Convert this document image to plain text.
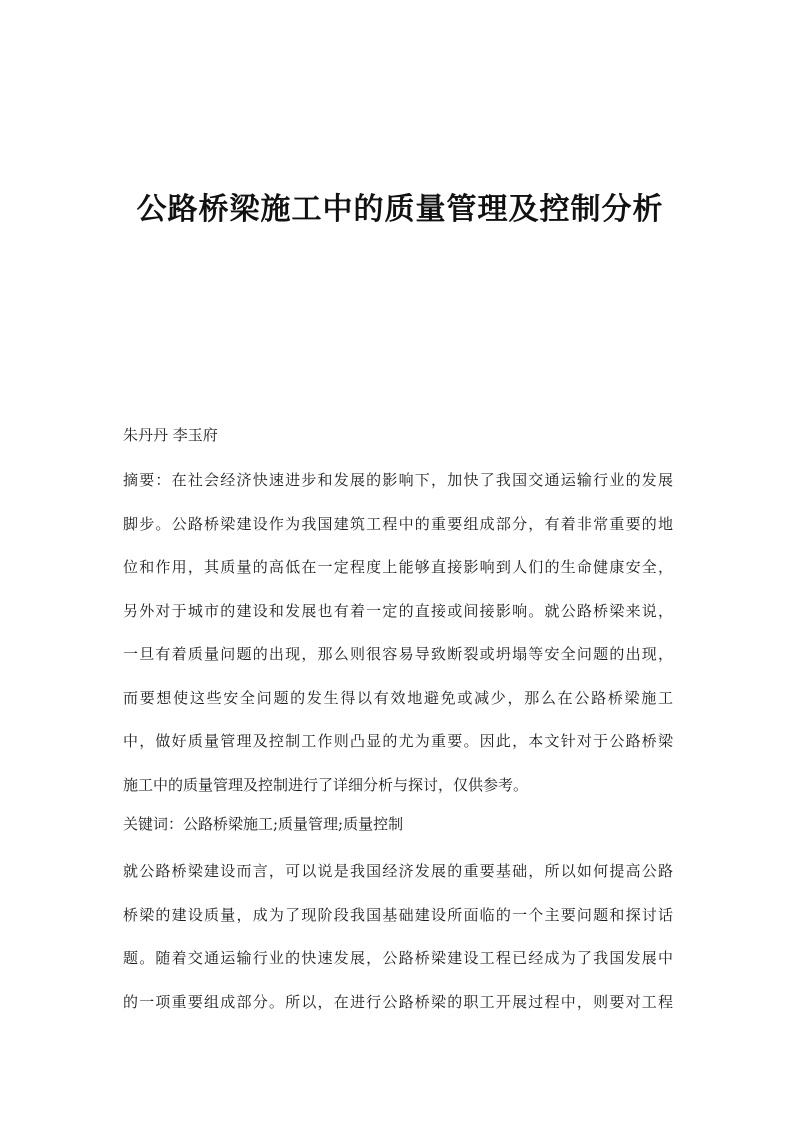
公路桥梁施工中的质量管理及控制分析

朱丹丹 李玉府

摘要：在社会经济快速进步和发展的影响下，加快了我国交通运输行业的发展
脚步。公路桥梁建设作为我国建筑工程中的重要组成部分，有着非常重要的地
位和作用，其质量的高低在一定程度上能够直接影响到人们的生命健康安全，
另外对于城市的建设和发展也有着一定的直接或间接影响。就公路桥梁来说，
一旦有着质量问题的出现，那么则很容易导致断裂或坍塌等安全问题的出现，
而要想使这些安全问题的发生得以有效地避免或减少，那么在公路桥梁施工
中，做好质量管理及控制工作则凸显的尤为重要。因此，本文针对于公路桥梁
施工中的质量管理及控制进行了详细分析与探讨，仅供参考。

关键词：公路桥梁施工;质量管理;质量控制

就公路桥梁建设而言，可以说是我国经济发展的重要基础，所以如何提高公路
桥梁的建设质量，成为了现阶段我国基础建设所面临的一个主要问题和探讨话
题。随着交通运输行业的快速发展，公路桥梁建设工程已经成为了我国发展中
的一项重要组成部分。所以，在进行公路桥梁的职工开展过程中，则要对工程
